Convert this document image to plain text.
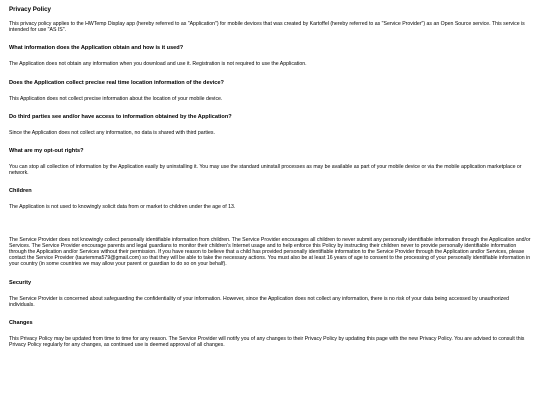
Privacy Policy

This privacy policy applies to the HWTemp Display app (hereby referred to as "Application") for mobile devices that was created by Kartoffel (hereby referred to as "Service Provider") as an Open Source service. This service is intended for use "AS IS".

What information does the Application obtain and how is it used?

The Application does not obtain any information when you download and use it. Registration is not required to use the Application.

Does the Application collect precise real time location information of the device?

This Application does not collect precise information about the location of your mobile device.

Do third parties see and/or have access to information obtained by the Application?

Since the Application does not collect any information, no data is shared with third parties.

What are my opt-out rights?

You can stop all collection of information by the Application easily by uninstalling it. You may use the standard uninstall processes as may be available as part of your mobile device or via the mobile application marketplace or network.

Children

The Application is not used to knowingly solicit data from or market to children under the age of 13.

The Service Provider does not knowingly collect personally identifiable information from children. The Service Provider encourages all children to never submit any personally identifiable information through the Application and/or Services. The Service Provider encourage parents and legal guardians to monitor their children's Internet usage and to help enforce this Policy by instructing their children never to provide personally identifiable information through the Application and/or Services without their permission. If you have reason to believe that a child has provided personally identifiable information to the Service Provider through the Application and/or Services, please contact the Service Provider (tauriemma579@gmail.com) so that they will be able to take the necessary actions. You must also be at least 16 years of age to consent to the processing of your personally identifiable information in your country (in some countries we may allow your parent or guardian to do so on your behalf).

Security

The Service Provider is concerned about safeguarding the confidentiality of your information. However, since the Application does not collect any information, there is no risk of your data being accessed by unauthorized individuals.

Changes

This Privacy Policy may be updated from time to time for any reason. The Service Provider will notify you of any changes to their Privacy Policy by updating this page with the new Privacy Policy. You are advised to consult this Privacy Policy regularly for any changes, as continued use is deemed approval of all changes.
